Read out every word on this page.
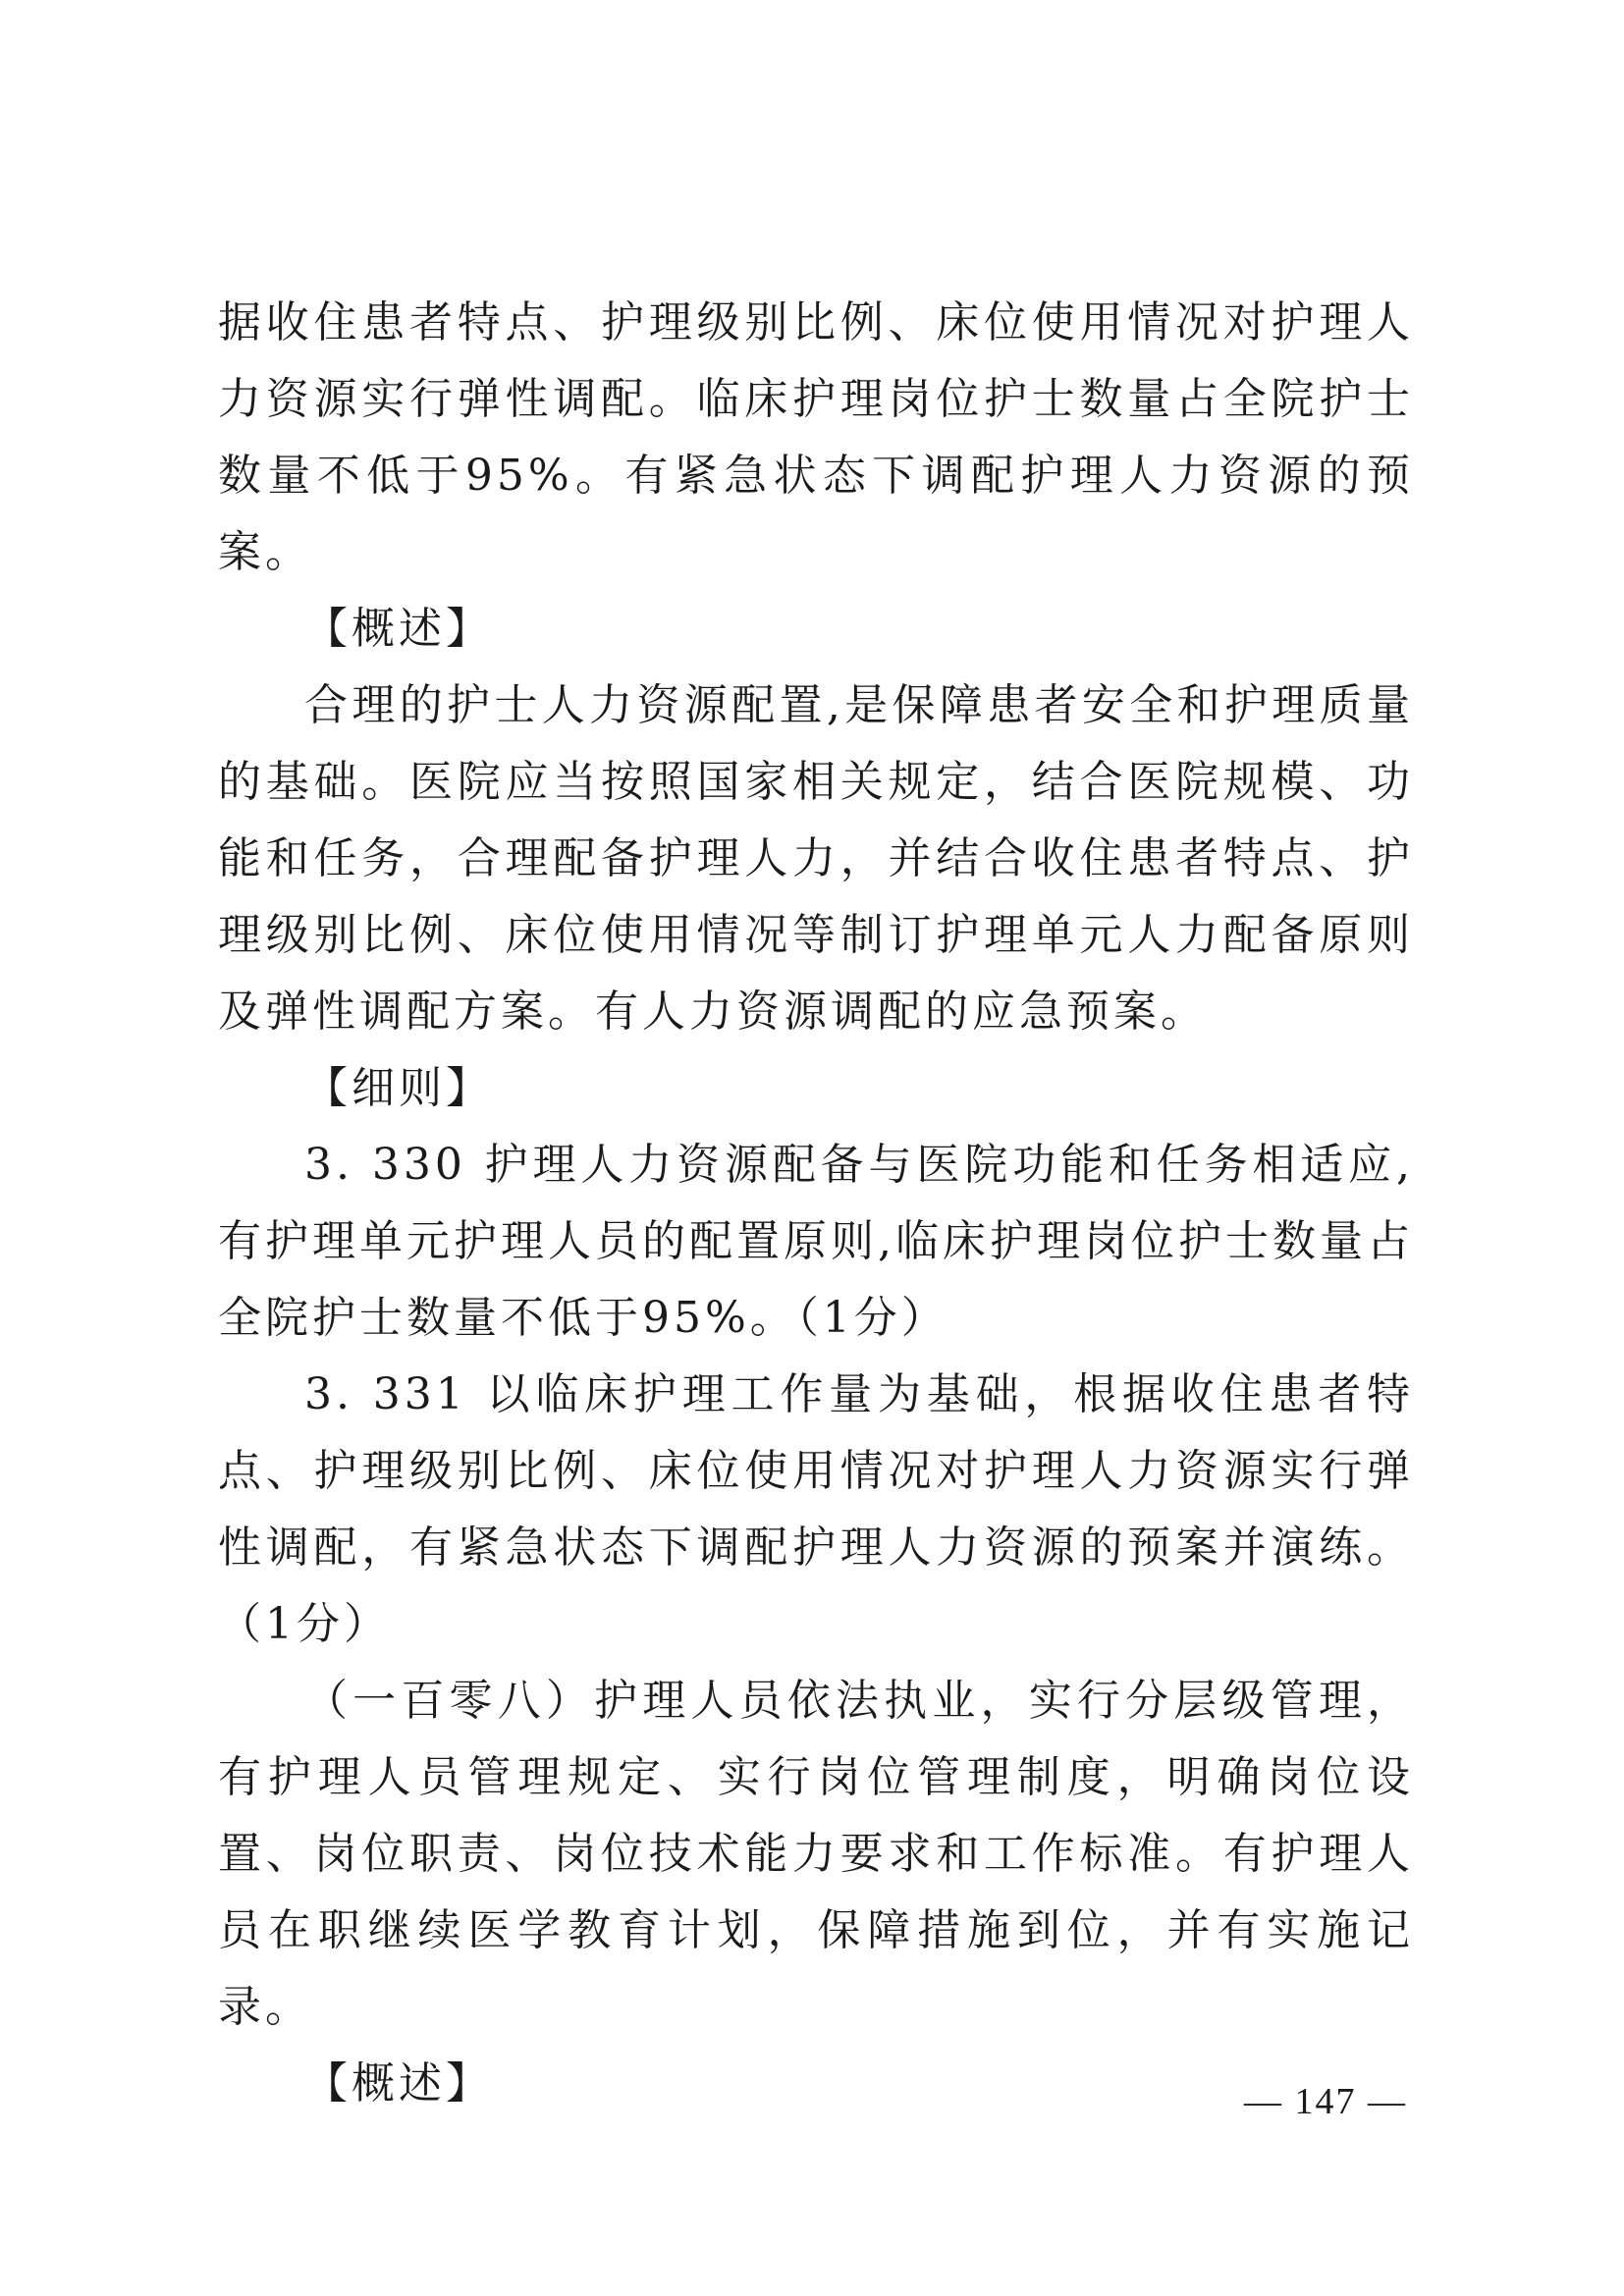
据收住患者特点、护理级别比例、床位使用情况对护理人力资源实行弹性调配。临床护理岗位护士数量占全院护士数量不低于95%。有紧急状态下调配护理人力资源的预案。

【概述】

合理的护士人力资源配置,是保障患者安全和护理质量的基础。医院应当按照国家相关规定，结合医院规模、功能和任务，合理配备护理人力，并结合收住患者特点、护理级别比例、床位使用情况等制订护理单元人力配备原则及弹性调配方案。有人力资源调配的应急预案。

【细则】

3. 330 护理人力资源配备与医院功能和任务相适应,有护理单元护理人员的配置原则,临床护理岗位护士数量占全院护士数量不低于95%。（1分）

3. 331 以临床护理工作量为基础，根据收住患者特点、护理级别比例、床位使用情况对护理人力资源实行弹性调配，有紧急状态下调配护理人力资源的预案并演练。（1分）

（一百零八）护理人员依法执业，实行分层级管理，有护理人员管理规定、实行岗位管理制度，明确岗位设置、岗位职责、岗位技术能力要求和工作标准。有护理人员在职继续医学教育计划，保障措施到位，并有实施记录。

【概述】	— 147 —
